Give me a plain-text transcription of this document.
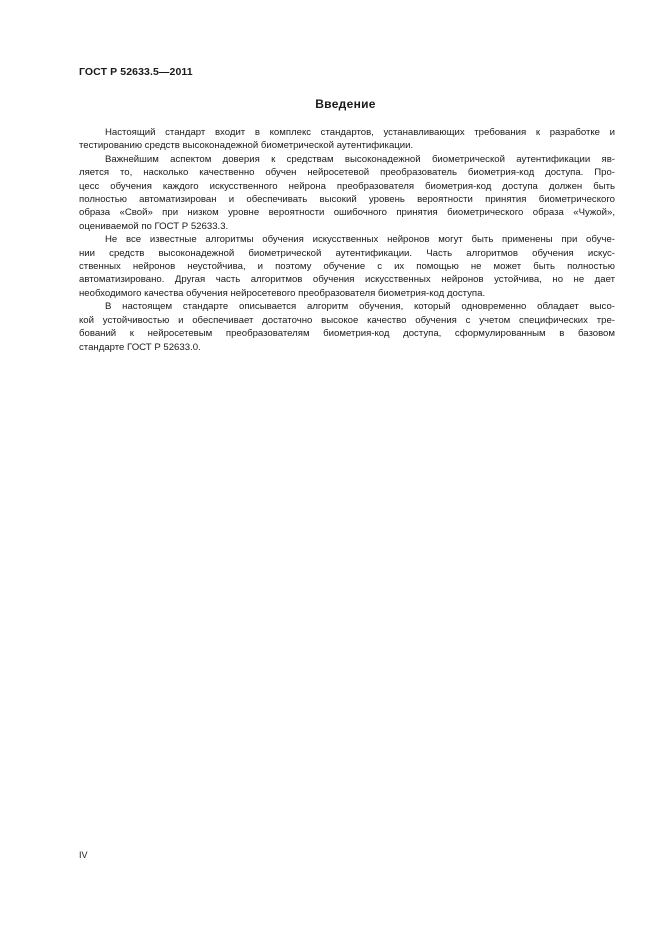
ГОСТ Р 52633.5—2011
Введение
Настоящий стандарт входит в комплекс стандартов, устанавливающих требования к разработке и
тестированию средств высоконадежной биометрической аутентификации.
Важнейшим аспектом доверия к средствам высоконадежной биометрической аутентификации яв-
ляется то, насколько качественно обучен нейросетевой преобразователь биометрия-код доступа. Про-
цесс обучения каждого искусственного нейрона преобразователя биометрия-код доступа должен быть
полностью автоматизирован и обеспечивать высокий уровень вероятности принятия биометрического
образа «Свой» при низком уровне вероятности ошибочного принятия биометрического образа «Чужой»,
оцениваемой по ГОСТ Р 52633.3.
Не все известные алгоритмы обучения искусственных нейронов могут быть применены при обуче-
нии средств высоконадежной биометрической аутентификации. Часть алгоритмов обучения искус-
ственных нейронов неустойчива, и поэтому обучение с их помощью не может быть полностью
автоматизировано. Другая часть алгоритмов обучения искусственных нейронов устойчива, но не дает
необходимого качества обучения нейросетевого преобразователя биометрия-код доступа.
В настоящем стандарте описывается алгоритм обучения, который одновременно обладает высо-
кой устойчивостью и обеспечивает достаточно высокое качество обучения с учетом специфических тре-
бований к нейросетевым преобразователям биометрия-код доступа, сформулированным в базовом
стандарте ГОСТ Р 52633.0.
IV
